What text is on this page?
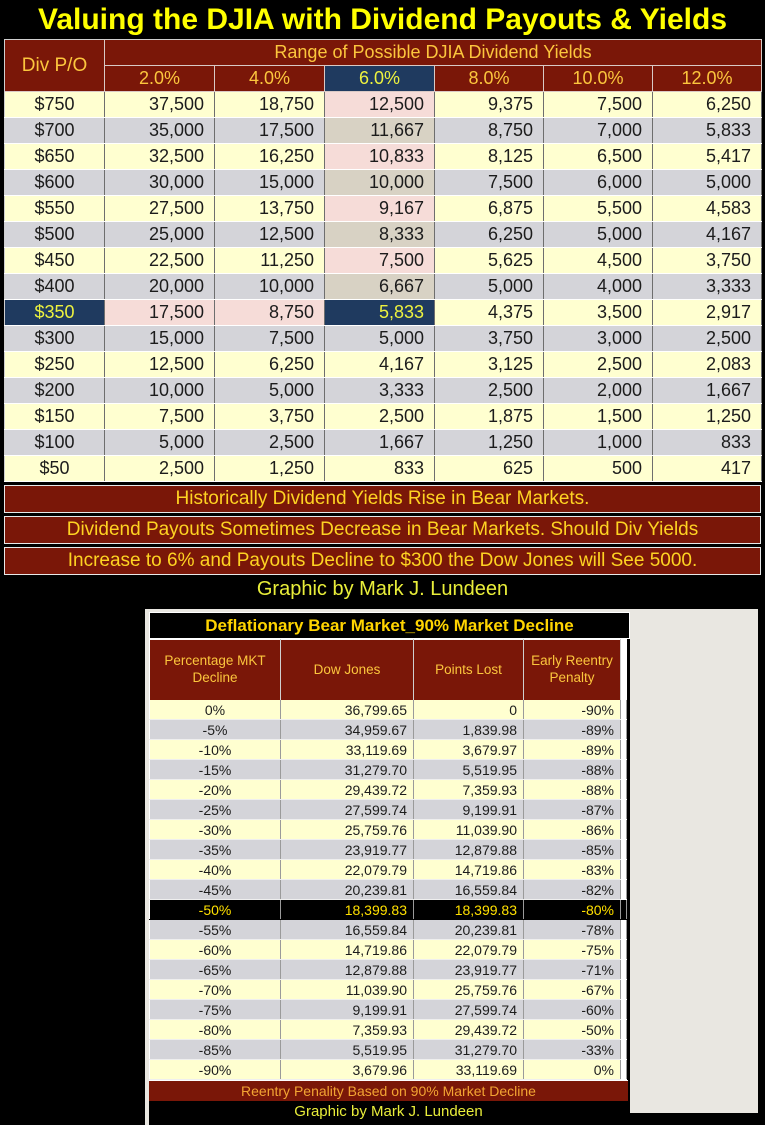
Valuing the DJIA with Dividend Payouts & Yields
Div P/O	Range of Possible DJIA Dividend Yields					
	2.0%	4.0%	6.0%	8.0%	10.0%	12.0%
$750	37,500	18,750	12,500	9,375	7,500	6,250
$700	35,000	17,500	11,667	8,750	7,000	5,833
$650	32,500	16,250	10,833	8,125	6,500	5,417
$600	30,000	15,000	10,000	7,500	6,000	5,000
$550	27,500	13,750	9,167	6,875	5,500	4,583
$500	25,000	12,500	8,333	6,250	5,000	4,167
$450	22,500	11,250	7,500	5,625	4,500	3,750
$400	20,000	10,000	6,667	5,000	4,000	3,333
$350	17,500	8,750	5,833	4,375	3,500	2,917
$300	15,000	7,500	5,000	3,750	3,000	2,500
$250	12,500	6,250	4,167	3,125	2,500	2,083
$200	10,000	5,000	3,333	2,500	2,000	1,667
$150	7,500	3,750	2,500	1,875	1,500	1,250
$100	5,000	2,500	1,667	1,250	1,000	833
$50	2,500	1,250	833	625	500	417
Historically Dividend Yields Rise in Bear Markets.
Dividend Payouts Sometimes Decrease in Bear Markets. Should Div Yields
Increase to 6% and Payouts Decline to $300 the Dow Jones will See 5000.
Graphic by Mark J. Lundeen
Deflationary Bear Market_90% Market Decline
Percentage MKT Decline	Dow Jones	Points Lost	Early Reentry Penalty	
0%	36,799.65	0	-90%	
-5%	34,959.67	1,839.98	-89%	
-10%	33,119.69	3,679.97	-89%	
-15%	31,279.70	5,519.95	-88%	
-20%	29,439.72	7,359.93	-88%	
-25%	27,599.74	9,199.91	-87%	
-30%	25,759.76	11,039.90	-86%	
-35%	23,919.77	12,879.88	-85%	
-40%	22,079.79	14,719.86	-83%	
-45%	20,239.81	16,559.84	-82%	
-50%	18,399.83	18,399.83	-80%	
-55%	16,559.84	20,239.81	-78%	
-60%	14,719.86	22,079.79	-75%	
-65%	12,879.88	23,919.77	-71%	
-70%	11,039.90	25,759.76	-67%	
-75%	9,199.91	27,599.74	-60%	
-80%	7,359.93	29,439.72	-50%	
-85%	5,519.95	31,279.70	-33%	
-90%	3,679.96	33,119.69	0%	
Reentry Penality Based on 90% Market Decline
Graphic by Mark J. Lundeen
